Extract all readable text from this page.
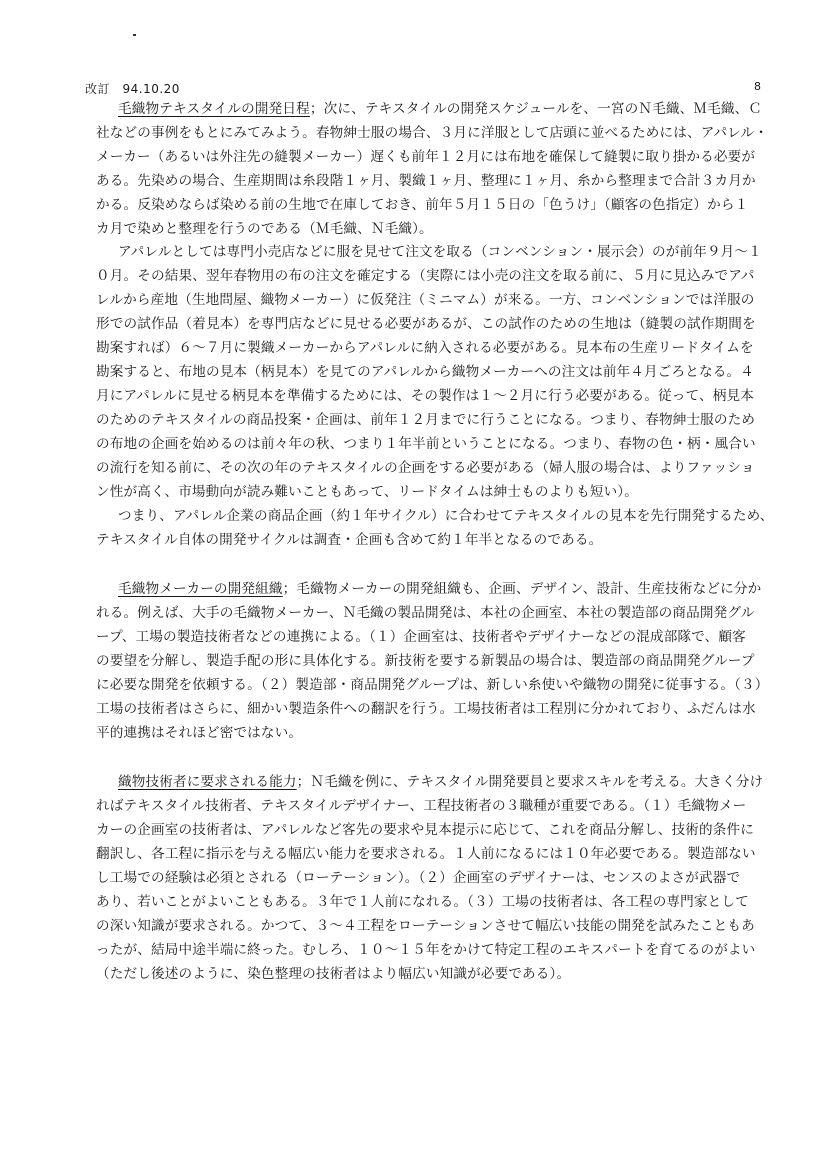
改訂　94.10.20	8
毛織物テキスタイルの開発日程；次に、テキスタイルの開発スケジュールを、一宮のＮ毛織、Ｍ毛織、Ｃ
社などの事例をもとにみてみよう。春物紳士服の場合、３月に洋服として店頭に並べるためには、アパレル・
メーカー（あるいは外注先の縫製メーカー）遅くも前年１２月には布地を確保して縫製に取り掛かる必要が
ある。先染めの場合、生産期間は糸段階１ヶ月、製織１ヶ月、整理に１ヶ月、糸から整理まで合計３カ月か
かる。反染めならば染める前の生地で在庫しておき、前年５月１５日の「色うけ」（顧客の色指定）から１
カ月で染めと整理を行うのである（Ｍ毛織、Ｎ毛織）。
アパレルとしては専門小売店などに服を見せて注文を取る（コンベンション・展示会）のが前年９月～１
０月。その結果、翌年春物用の布の注文を確定する（実際には小売の注文を取る前に、５月に見込みでアパ
レルから産地（生地問屋、織物メーカー）に仮発注（ミニマム）が来る。一方、コンベンションでは洋服の
形での試作品（着見本）を専門店などに見せる必要があるが、この試作のための生地は（縫製の試作期間を
勘案すれば）６～７月に製織メーカーからアパレルに納入される必要がある。見本布の生産リードタイムを
勘案すると、布地の見本（柄見本）を見てのアパレルから織物メーカーへの注文は前年４月ごろとなる。４
月にアパレルに見せる柄見本を準備するためには、その製作は１～２月に行う必要がある。従って、柄見本
のためのテキスタイルの商品投案・企画は、前年１２月までに行うことになる。つまり、春物紳士服のため
の布地の企画を始めるのは前々年の秋、つまり１年半前ということになる。つまり、春物の色・柄・風合い
の流行を知る前に、その次の年のテキスタイルの企画をする必要がある（婦人服の場合は、よりファッショ
ン性が高く、市場動向が読み難いこともあって、リードタイムは紳士ものよりも短い）。
つまり、アパレル企業の商品企画（約１年サイクル）に合わせてテキスタイルの見本を先行開発するため、
テキスタイル自体の開発サイクルは調査・企画も含めて約１年半となるのである。
毛織物メーカーの開発組織；毛織物メーカーの開発組織も、企画、デザイン、設計、生産技術などに分か
れる。例えば、大手の毛織物メーカー、Ｎ毛織の製品開発は、本社の企画室、本社の製造部の商品開発グル
ープ、工場の製造技術者などの連携による。（１）企画室は、技術者やデザイナーなどの混成部隊で、顧客
の要望を分解し、製造手配の形に具体化する。新技術を要する新製品の場合は、製造部の商品開発グループ
に必要な開発を依頼する。（２）製造部・商品開発グループは、新しい糸使いや織物の開発に従事する。（３）
工場の技術者はさらに、細かい製造条件への翻訳を行う。工場技術者は工程別に分かれており、ふだんは水
平的連携はそれほど密ではない。
織物技術者に要求される能力；Ｎ毛織を例に、テキスタイル開発要員と要求スキルを考える。大きく分け
ればテキスタイル技術者、テキスタイルデザイナー、工程技術者の３職種が重要である。（１）毛織物メー
カーの企画室の技術者は、アパレルなど客先の要求や見本提示に応じて、これを商品分解し、技術的条件に
翻訳し、各工程に指示を与える幅広い能力を要求される。１人前になるには１０年必要である。製造部ない
し工場での経験は必須とされる（ローテーション）。（２）企画室のデザイナーは、センスのよさが武器で
あり、若いことがよいこともある。３年で１人前になれる。（３）工場の技術者は、各工程の専門家として
の深い知識が要求される。かつて、３～４工程をローテーションさせて幅広い技能の開発を試みたこともあ
ったが、結局中途半端に終った。むしろ、１０～１５年をかけて特定工程のエキスパートを育てるのがよい
（ただし後述のように、染色整理の技術者はより幅広い知識が必要である）。
